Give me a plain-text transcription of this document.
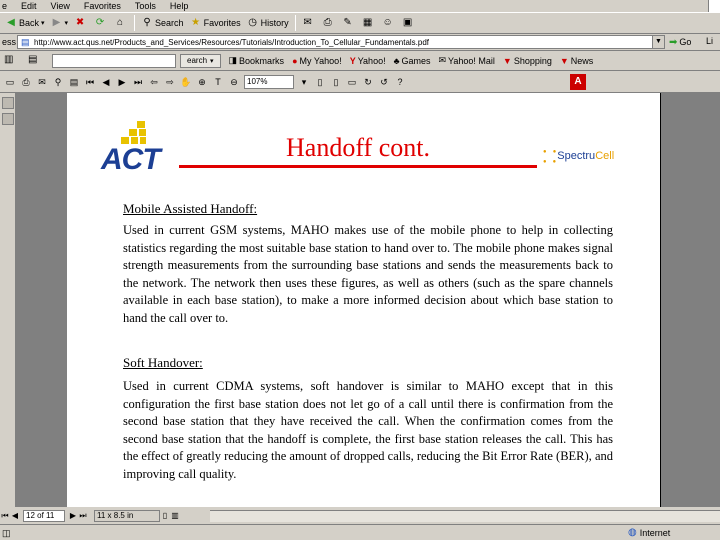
e Edit View Favorites Tools Help
◀ Back ▾ ▶ ▾ ✖ ⟳ ⌂ ⚲ Search ★ Favorites ◷ History ✉ ⎙ ✎ ▦ ☺ ▣
ess ▤ http://www.act.qus.net/Products_and_Services/Resources/Tutorials/Introduction_To_Cellular_Fundamentals.pdf	▼ ➡ Go Li
▥ ▤	earch ▾ ◨ Bookmarks ● My Yahoo! Y Yahoo! ♣ Games ✉ Yahoo! Mail ▼ Shopping ▼ News
▭ ⎙ ✉ ⚲ ▤ ⏮ ◀	▶ ⏭ ⇦ ⇨ ✋ ⊕	T	⊖	107%	▾	▯	▯	▭ ↻ ↺	?	A
ACT	Handoff cont.	⸬ SpectruCell
Mobile Assisted Handoff:
Used in current GSM systems, MAHO makes use of the mobile phone to help in collecting statistics regarding the most suitable base station to hand over to. The mobile phone makes signal strength measurements from the surrounding base stations and sends the measurements back to the network. The network then uses these figures, as well as others (such as the spare channels available in each base station), to make a more informed decision about which base station to hand the call over to.
Soft Handover:
Used in current CDMA systems, soft handover is similar to MAHO except that in this configuration the first base station does not let go of a call until there is confirmation from the second base station that they have received the call. When the confirmation comes from the second base station that the handoff is complete, the first base station releases the call. This has the effect of greatly reducing the amount of dropped calls, reducing the Bit Error Rate (BER), and improving call quality.
⏮ ◀ 12 of 11	▶ ⏭	11 x 8.5 in	▯ ▥
◫	◍ Internet
